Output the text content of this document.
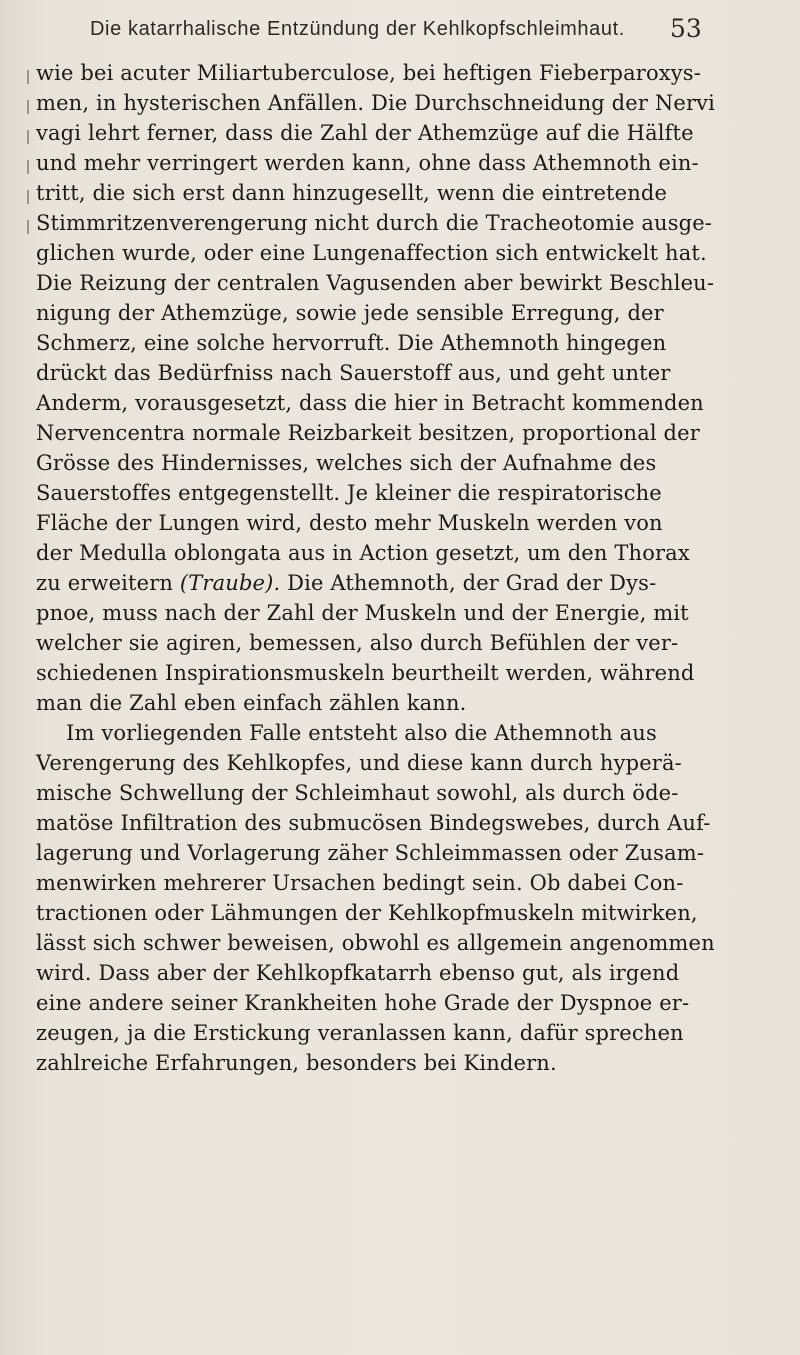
Die katarrhalische Entzündung der Kehlkopfschleimhaut.	53
wie bei acuter Miliartuberculose, bei heftigen Fieberparoxys-
men, in hysterischen Anfällen. Die Durchschneidung der Nervi
vagi lehrt ferner, dass die Zahl der Athemzüge auf die Hälfte
und mehr verringert werden kann, ohne dass Athemnoth ein-
tritt, die sich erst dann hinzugesellt, wenn die eintretende
Stimmritzenverengerung nicht durch die Tracheotomie ausge-
glichen wurde, oder eine Lungenaffection sich entwickelt hat.
Die Reizung der centralen Vagusenden aber bewirkt Beschleu-
nigung der Athemzüge, sowie jede sensible Erregung, der
Schmerz, eine solche hervorruft. Die Athemnoth hingegen
drückt das Bedürfniss nach Sauerstoff aus, und geht unter
Anderm, vorausgesetzt, dass die hier in Betracht kommenden
Nervencentra normale Reizbarkeit besitzen, proportional der
Grösse des Hindernisses, welches sich der Aufnahme des
Sauerstoffes entgegenstellt. Je kleiner die respiratorische
Fläche der Lungen wird, desto mehr Muskeln werden von
der Medulla oblongata aus in Action gesetzt, um den Thorax
zu erweitern (Traube). Die Athemnoth, der Grad der Dys-
pnoe, muss nach der Zahl der Muskeln und der Energie, mit
welcher sie agiren, bemessen, also durch Befühlen der ver-
schiedenen Inspirationsmuskeln beurtheilt werden, während
man die Zahl eben einfach zählen kann.
Im vorliegenden Falle entsteht also die Athemnoth aus
Verengerung des Kehlkopfes, und diese kann durch hyperä-
mische Schwellung der Schleimhaut sowohl, als durch öde-
matöse Infiltration des submucösen Bindegswebes, durch Auf-
lagerung und Vorlagerung zäher Schleimmassen oder Zusam-
menwirken mehrerer Ursachen bedingt sein. Ob dabei Con-
tractionen oder Lähmungen der Kehlkopfmuskeln mitwirken,
lässt sich schwer beweisen, obwohl es allgemein angenommen
wird. Dass aber der Kehlkopfkatarrh ebenso gut, als irgend
eine andere seiner Krankheiten hohe Grade der Dyspnoe er-
zeugen, ja die Erstickung veranlassen kann, dafür sprechen
zahlreiche Erfahrungen, besonders bei Kindern.
